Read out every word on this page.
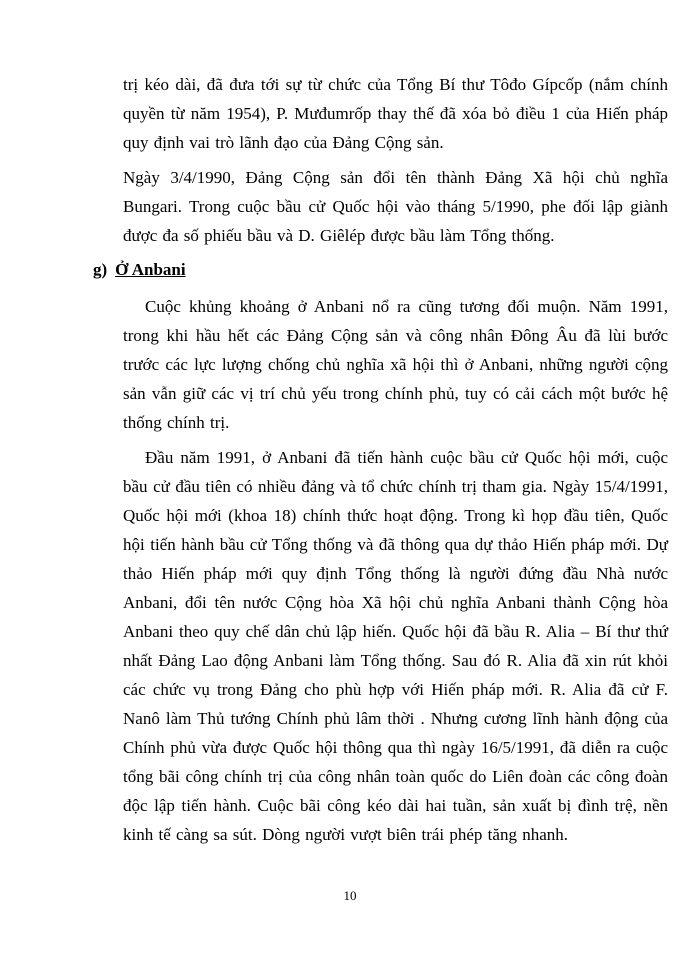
trị kéo dài, đã đưa tới sự từ chức của Tổng Bí thư Tôđo Gípcốp (nắm chính quyền từ năm 1954), P. Mưđumrốp thay thế đã xóa bỏ điều 1 của Hiến pháp quy định vai trò lãnh đạo của Đảng Cộng sản.

Ngày 3/4/1990, Đảng Cộng sản đổi tên thành Đảng Xã hội chủ nghĩa Bungari. Trong cuộc bầu cử Quốc hội vào tháng 5/1990, phe đối lập giành được đa số phiếu bầu và D. Giêlép được bầu làm Tổng thống.

g) Ở Anbani

Cuộc khủng khoảng ở Anbani nổ ra cũng tương đối muộn. Năm 1991, trong khi hầu hết các Đảng Cộng sản và công nhân Đông Âu đã lùi bước trước các lực lượng chống chủ nghĩa xã hội thì ở Anbani, những người cộng sản vẫn giữ các vị trí chủ yếu trong chính phủ, tuy có cải cách một bước hệ thống chính trị.

Đầu năm 1991, ở Anbani đã tiến hành cuộc bầu cử Quốc hội mới, cuộc bầu cử đầu tiên có nhiều đảng và tổ chức chính trị tham gia. Ngày 15/4/1991, Quốc hội mới (khoa 18) chính thức hoạt động. Trong kì họp đầu tiên, Quốc hội tiến hành bầu cử Tổng thống và đã thông qua dự thảo Hiến pháp mới. Dự thảo Hiến pháp mới quy định Tổng thống là người đứng đầu Nhà nước Anbani, đổi tên nước Cộng hòa Xã hội chủ nghĩa Anbani thành Cộng hòa Anbani theo quy chế dân chủ lập hiến. Quốc hội đã bầu R. Alia – Bí thư thứ nhất Đảng Lao động Anbani làm Tổng thống. Sau đó R. Alia đã xin rút khỏi các chức vụ trong Đảng cho phù hợp với Hiến pháp mới. R. Alia đã cử F. Nanô làm Thủ tướng Chính phủ lâm thời . Nhưng cương lĩnh hành động của Chính phủ vừa được Quốc hội thông qua thì ngày 16/5/1991, đã diễn ra cuộc tổng bãi công chính trị của công nhân toàn quốc do Liên đoàn các công đoàn độc lập tiến hành. Cuộc bãi công kéo dài hai tuần, sản xuất bị đình trệ, nền kinh tế càng sa sút. Dòng người vượt biên trái phép tăng nhanh.

10
